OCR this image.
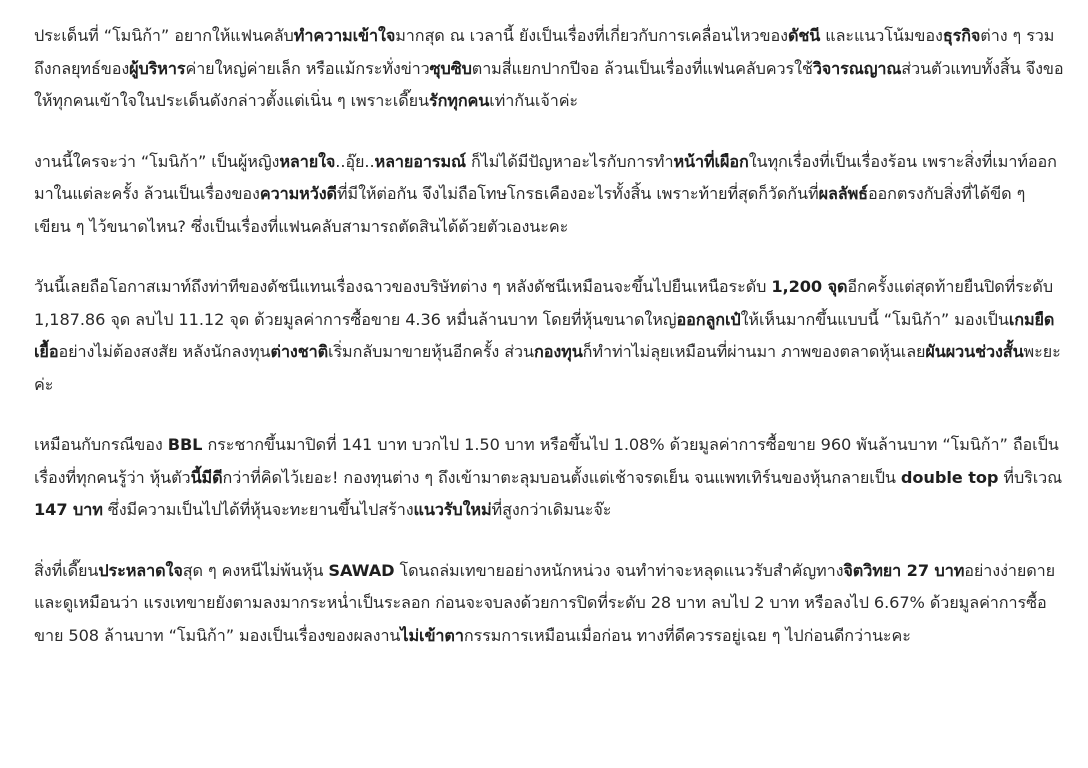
ประเด็นที่ “โมนิก้า” อยากให้แฟนคลับทำความเข้าใจมากสุด ณ เวลานี้ ยังเป็นเรื่องที่เกี่ยวกับการเคลื่อนไหวของดัชนี และแนวโน้มของธุรกิจต่าง ๆ รวมถึงกลยุทธ์ของผู้บริหารค่ายใหญ่ค่ายเล็ก หรือแม้กระทั่งข่าวซุบซิบตามสี่แยกปากปีจอ ล้วนเป็นเรื่องที่แฟนคลับควรใช้วิจารณญาณส่วนตัวแทบทั้งสิ้น จึงขอให้ทุกคนเข้าใจในประเด็นดังกล่าวตั้งแต่เนิ่น ๆ เพราะเดี๊ยนรักทุกคนเท่ากันเจ้าค่ะ

งานนี้ใครจะว่า “โมนิก้า” เป็นผู้หญิงหลายใจ..อุ๊ย..หลายอารมณ์ ก็ไม่ได้มีปัญหาอะไรกับการทำหน้าที่เผือกในทุกเรื่องที่เป็นเรื่องร้อน เพราะสิ่งที่เมาท์ออกมาในแต่ละครั้ง ล้วนเป็นเรื่องของความหวังดีที่มีให้ต่อกัน จึงไม่ถือโทษโกรธเคืองอะไรทั้งสิ้น เพราะท้ายที่สุดก็วัดกันที่ผลลัพธ์ออกตรงกับสิ่งที่ได้ขีด ๆ เขียน ๆ ไว้ขนาดไหน? ซึ่งเป็นเรื่องที่แฟนคลับสามารถตัดสินได้ด้วยตัวเองนะคะ

วันนี้เลยถือโอกาสเมาท์ถึงท่าทีของดัชนีแทนเรื่องฉาวของบริษัทต่าง ๆ หลังดัชนีเหมือนจะขึ้นไปยืนเหนือระดับ 1,200 จุดอีกครั้งแต่สุดท้ายยืนปิดที่ระดับ 1,187.86 จุด ลบไป 11.12 จุด ด้วยมูลค่าการซื้อขาย 4.36 หมื่นล้านบาท โดยที่หุ้นขนาดใหญ่ออกลูกเป๋ให้เห็นมากขึ้นแบบนี้ “โมนิก้า” มองเป็นเกมยืดเยื้ออย่างไม่ต้องสงสัย หลังนักลงทุนต่างชาติเริ่มกลับมาขายหุ้นอีกครั้ง ส่วนกองทุนก็ทำท่าไม่ลุยเหมือนที่ผ่านมา ภาพของตลาดหุ้นเลยผันผวนช่วงสั้นพะยะค่ะ

เหมือนกับกรณีของ BBL กระชากขึ้นมาปิดที่ 141 บาท บวกไป 1.50 บาท หรือขึ้นไป 1.08% ด้วยมูลค่าการซื้อขาย 960 พันล้านบาท “โมนิก้า” ถือเป็นเรื่องที่ทุกคนรู้ว่า หุ้นตัวนี้มีดีกว่าที่คิดไว้เยอะ! กองทุนต่าง ๆ ถึงเข้ามาตะลุมบอนตั้งแต่เช้าจรดเย็น จนแพทเทิร์นของหุ้นกลายเป็น double top ที่บริเวณ 147 บาท ซึ่งมีความเป็นไปได้ที่หุ้นจะทะยานขึ้นไปสร้างแนวรับใหม่ที่สูงกว่าเดิมนะจ๊ะ

สิ่งที่เดี๊ยนประหลาดใจสุด ๆ คงหนีไม่พ้นหุ้น SAWAD โดนถล่มเทขายอย่างหนักหน่วง จนทำท่าจะหลุดแนวรับสำคัญทางจิตวิทยา 27 บาทอย่างง่ายดาย และดูเหมือนว่า แรงเทขายยังตามลงมากระหน่ำเป็นระลอก ก่อนจะจบลงด้วยการปิดที่ระดับ 28 บาท ลบไป 2 บาท หรือลงไป 6.67% ด้วยมูลค่าการซื้อขาย 508 ล้านบาท “โมนิก้า” มองเป็นเรื่องของผลงานไม่เข้าตากรรมการเหมือนเมื่อก่อน ทางที่ดีควรรอยู่เฉย ๆ ไปก่อนดีกว่านะคะ
